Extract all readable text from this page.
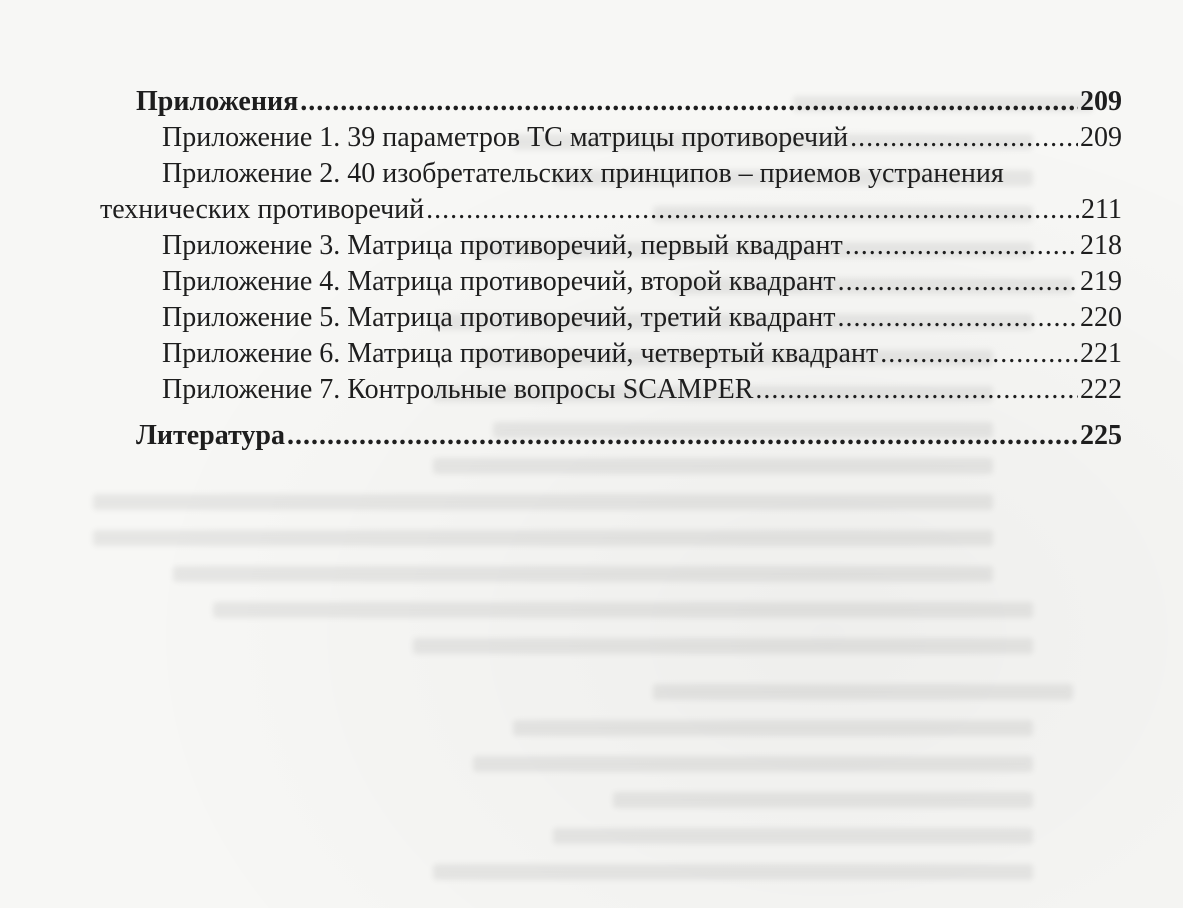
Приложения .....	209
Приложение 1. 39 параметров ТС матрицы противоречий .....	209
Приложение 2. 40 изобретательских принципов – приемов устранения
технических противоречий .....	211
Приложение 3. Матрица противоречий, первый квадрант .....	218
Приложение 4. Матрица противоречий, второй квадрант .....	219
Приложение 5. Матрица противоречий, третий квадрант .....	220
Приложение 6. Матрица противоречий, четвертый квадрант .....	221
Приложение 7. Контрольные вопросы SCAMPER .....	222
Литература .....	225
